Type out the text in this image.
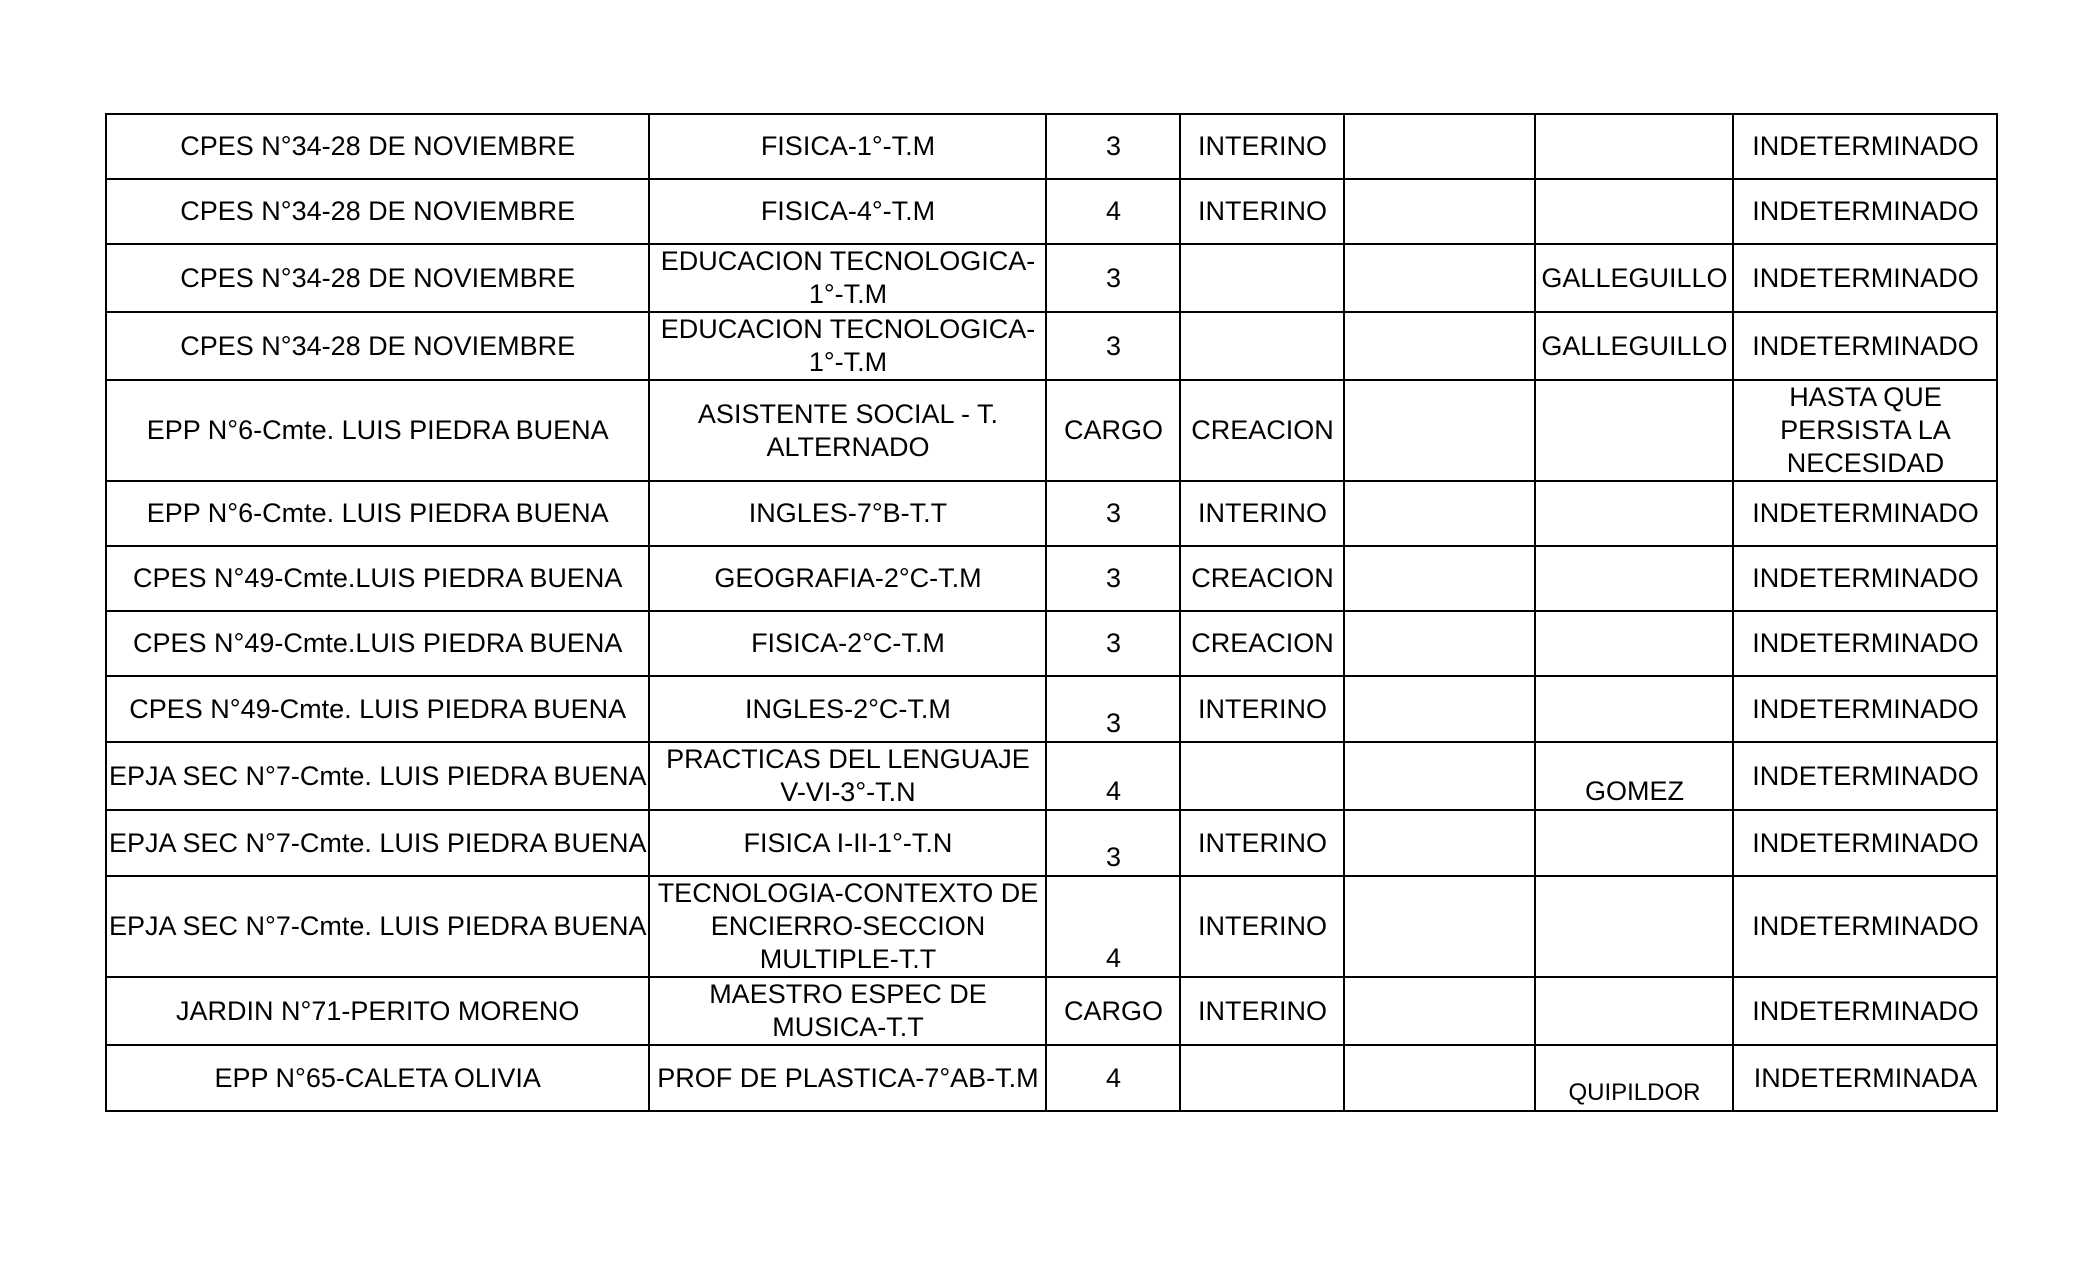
CPES N°34-28 DE NOVIEMBRE	FISICA-1°-T.M	3	INTERINO			INDETERMINADO
CPES N°34-28 DE NOVIEMBRE	FISICA-4°-T.M	4	INTERINO			INDETERMINADO
CPES N°34-28 DE NOVIEMBRE	EDUCACION TECNOLOGICA-1°-T.M	3			GALLEGUILLO	INDETERMINADO
CPES N°34-28 DE NOVIEMBRE	EDUCACION TECNOLOGICA-1°-T.M	3			GALLEGUILLO	INDETERMINADO
EPP N°6-Cmte. LUIS PIEDRA BUENA	ASISTENTE SOCIAL - T. ALTERNADO	CARGO	CREACION			HASTA QUE PERSISTA LA NECESIDAD
EPP N°6-Cmte. LUIS PIEDRA BUENA	INGLES-7°B-T.T	3	INTERINO			INDETERMINADO
CPES N°49-Cmte.LUIS PIEDRA BUENA	GEOGRAFIA-2°C-T.M	3	CREACION			INDETERMINADO
CPES N°49-Cmte.LUIS PIEDRA BUENA	FISICA-2°C-T.M	3	CREACION			INDETERMINADO
CPES N°49-Cmte. LUIS PIEDRA BUENA	INGLES-2°C-T.M	3	INTERINO			INDETERMINADO
EPJA SEC N°7-Cmte. LUIS PIEDRA BUENA	PRACTICAS DEL LENGUAJE V-VI-3°-T.N	4			GOMEZ	INDETERMINADO
EPJA SEC N°7-Cmte. LUIS PIEDRA BUENA	FISICA I-II-1°-T.N	3	INTERINO			INDETERMINADO
EPJA SEC N°7-Cmte. LUIS PIEDRA BUENA	TECNOLOGIA-CONTEXTO DE ENCIERRO-SECCION MULTIPLE-T.T	4	INTERINO			INDETERMINADO
JARDIN N°71-PERITO MORENO	MAESTRO ESPEC DE MUSICA-T.T	CARGO	INTERINO			INDETERMINADO
EPP N°65-CALETA OLIVIA	PROF DE PLASTICA-7°AB-T.M	4			QUIPILDOR	INDETERMINADA
